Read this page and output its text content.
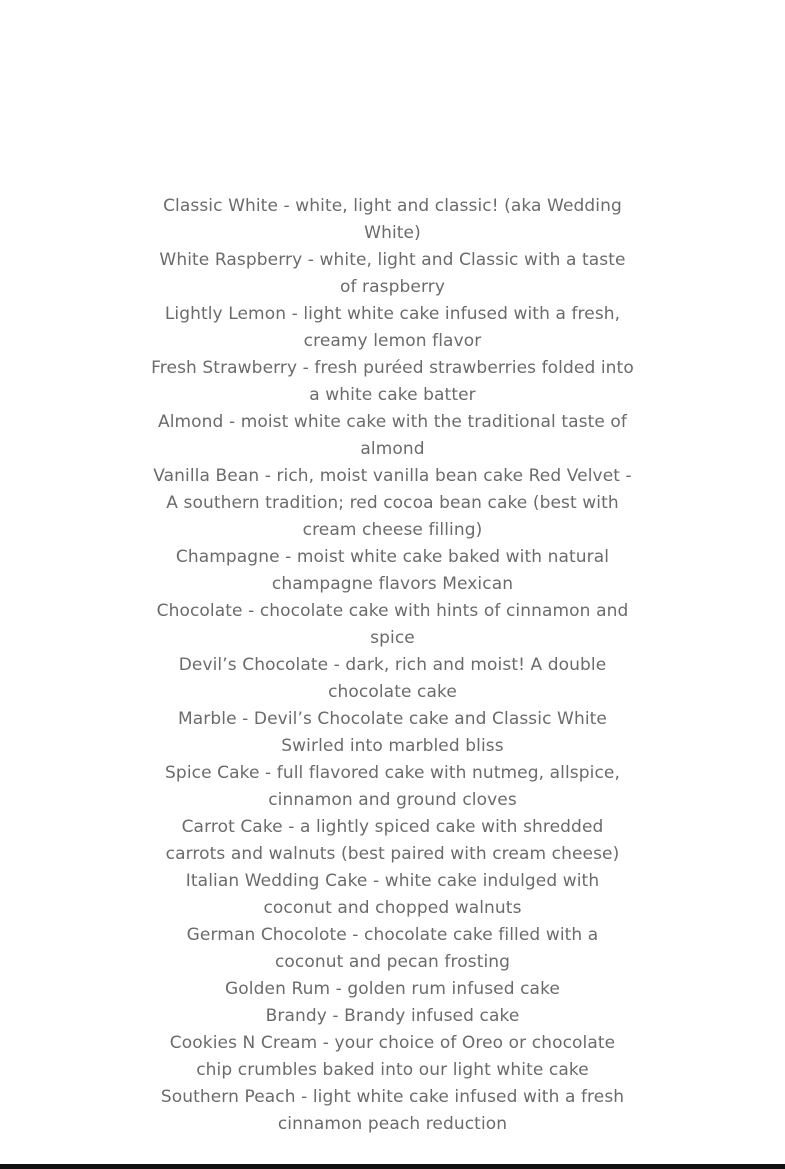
Classic White - white, light and classic! (aka Wedding White)

White Raspberry - white, light and Classic with a taste of raspberry

Lightly Lemon - light white cake infused with a fresh, creamy lemon flavor

Fresh Strawberry - fresh puréed strawberries folded into a white cake batter

Almond - moist white cake with the traditional taste of almond

Vanilla Bean - rich, moist vanilla bean cake Red Velvet - A southern tradition; red cocoa bean cake (best with cream cheese filling)

Champagne - moist white cake baked with natural champagne flavors Mexican

Chocolate - chocolate cake with hints of cinnamon and spice

Devil’s Chocolate - dark, rich and moist! A double chocolate cake

Marble - Devil’s Chocolate cake and Classic White Swirled into marbled bliss

Spice Cake - full flavored cake with nutmeg, allspice, cinnamon and ground cloves

Carrot Cake - a lightly spiced cake with shredded carrots and walnuts (best paired with cream cheese)

Italian Wedding Cake - white cake indulged with coconut and chopped walnuts

German Chocolote - chocolate cake filled with a coconut and pecan frosting

Golden Rum - golden rum infused cake

Brandy - Brandy infused cake

Cookies N Cream - your choice of Oreo or chocolate chip crumbles baked into our light white cake

Southern Peach - light white cake infused with a fresh cinnamon peach reduction
